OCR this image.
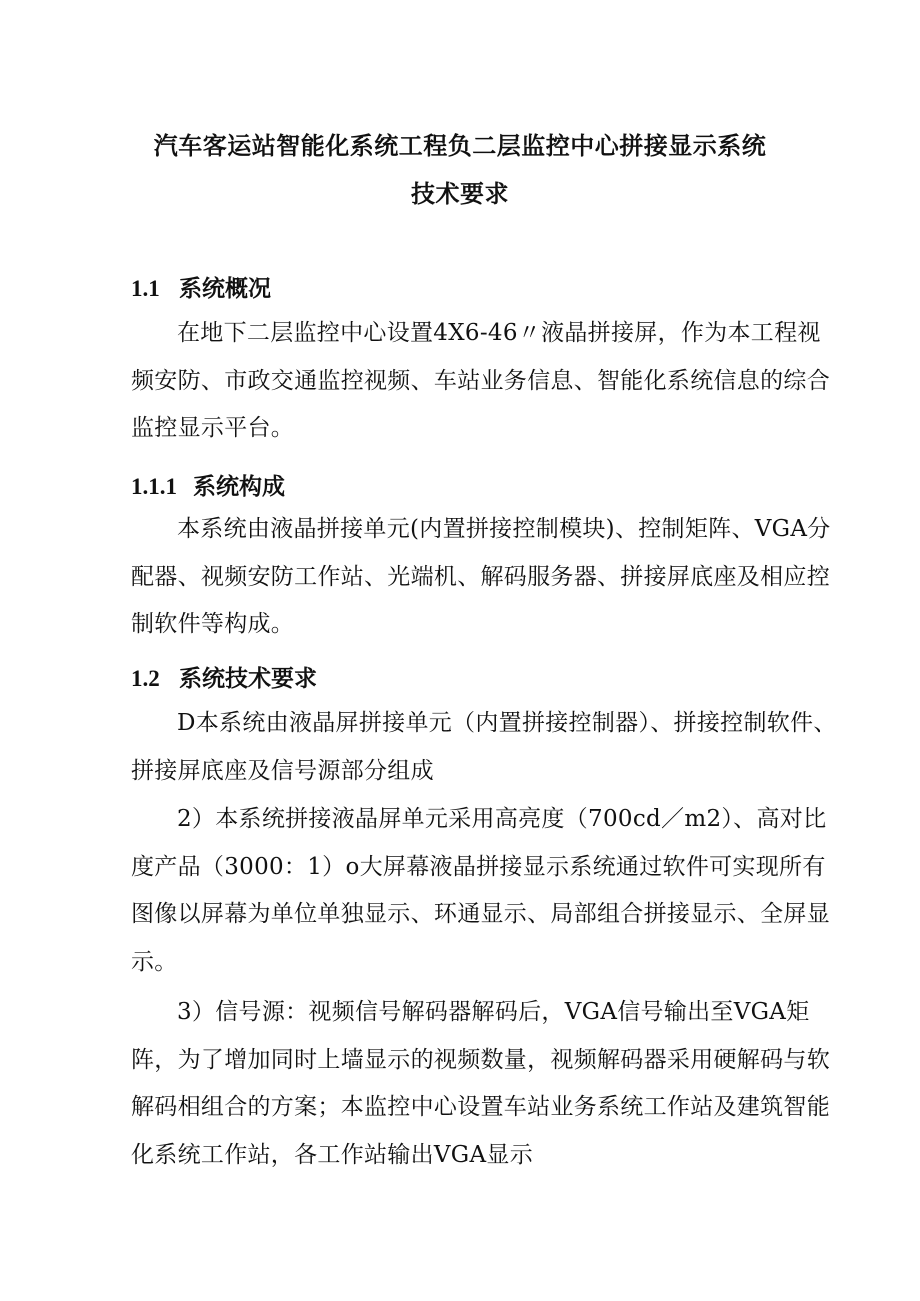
汽车客运站智能化系统工程负二层监控中心拼接显示系统
技术要求
1.1 系统概况
在地下二层监控中心设置4X6-46〃液晶拼接屏，作为本工程视频安防、市政交通监控视频、车站业务信息、智能化系统信息的综合监控显示平台。
1.1.1 系统构成
本系统由液晶拼接单元(内置拼接控制模块)、控制矩阵、VGA分配器、视频安防工作站、光端机、解码服务器、拼接屏底座及相应控制软件等构成。
1.2 系统技术要求
D本系统由液晶屏拼接单元（内置拼接控制器）、拼接控制软件、拼接屏底座及信号源部分组成
2）本系统拼接液晶屏单元采用高亮度（700cd／m2）、高对比度产品（3000：1）o大屏幕液晶拼接显示系统通过软件可实现所有图像以屏幕为单位单独显示、环通显示、局部组合拼接显示、全屏显示。
3）信号源：视频信号解码器解码后，VGA信号输出至VGA矩阵，为了增加同时上墙显示的视频数量，视频解码器采用硬解码与软解码相组合的方案；本监控中心设置车站业务系统工作站及建筑智能化系统工作站，各工作站输出VGA显示
